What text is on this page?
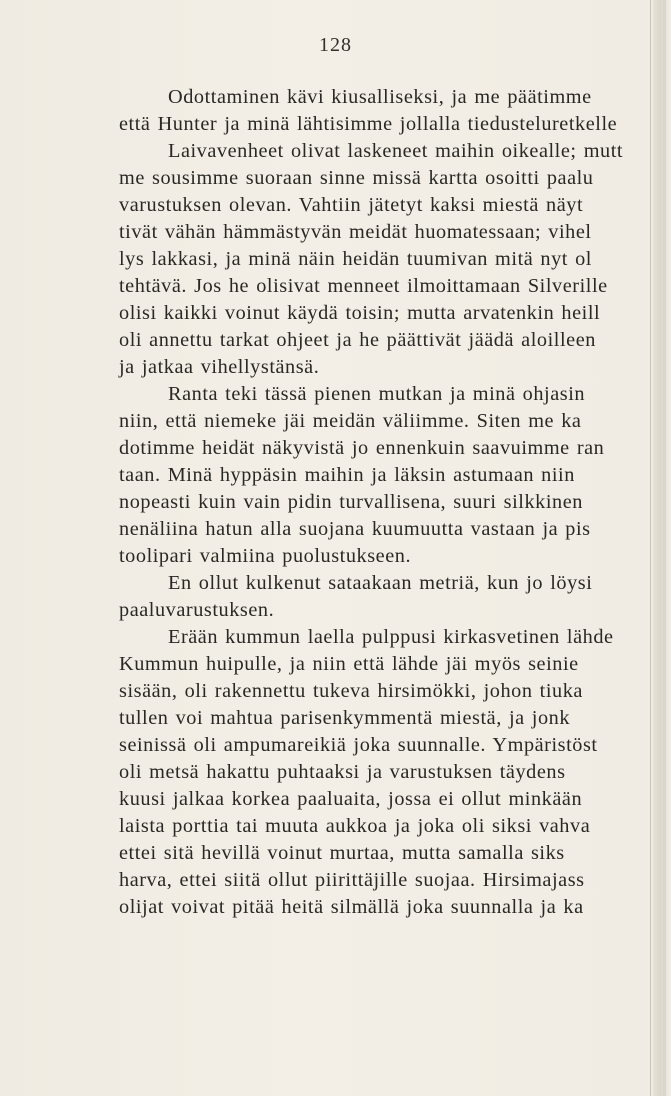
128
Odottaminen kävi kiusalliseksi, ja me päätimme
että Hunter ja minä lähtisimme jollalla tiedusteluretkelle
Laivavenheet olivat laskeneet maihin oikealle; mutt
me sousimme suoraan sinne missä kartta osoitti paalu
varustuksen olevan. Vahtiin jätetyt kaksi miestä näyt
tivät vähän hämmästyvän meidät huomatessaan; vihel
lys lakkasi, ja minä näin heidän tuumivan mitä nyt ol
tehtävä. Jos he olisivat menneet ilmoittamaan Silverille
olisi kaikki voinut käydä toisin; mutta arvatenkin heill
oli annettu tarkat ohjeet ja he päättivät jäädä aloilleen
ja jatkaa vihellystänsä.
Ranta teki tässä pienen mutkan ja minä ohjasin
niin, että niemeke jäi meidän väliimme. Siten me ka
dotimme heidät näkyvistä jo ennenkuin saavuimme ran
taan. Minä hyppäsin maihin ja läksin astumaan niin
nopeasti kuin vain pidin turvallisena, suuri silkkinen
nenäliina hatun alla suojana kuumuutta vastaan ja pis
toolipari valmiina puolustukseen.
En ollut kulkenut sataakaan metriä, kun jo löysi
paaluvarustuksen.
Erään kummun laella pulppusi kirkasvetinen lähde
Kummun huipulle, ja niin että lähde jäi myös seinie
sisään, oli rakennettu tukeva hirsimökki, johon tiuka
tullen voi mahtua parisenkymmentä miestä, ja jonk
seinissä oli ampumareikiä joka suunnalle. Ympäristöst
oli metsä hakattu puhtaaksi ja varustuksen täydens
kuusi jalkaa korkea paaluaita, jossa ei ollut minkään
laista porttia tai muuta aukkoa ja joka oli siksi vahva
ettei sitä hevillä voinut murtaa, mutta samalla siks
harva, ettei siitä ollut piirittäjille suojaa. Hirsimajass
olijat voivat pitää heitä silmällä joka suunnalla ja ka
